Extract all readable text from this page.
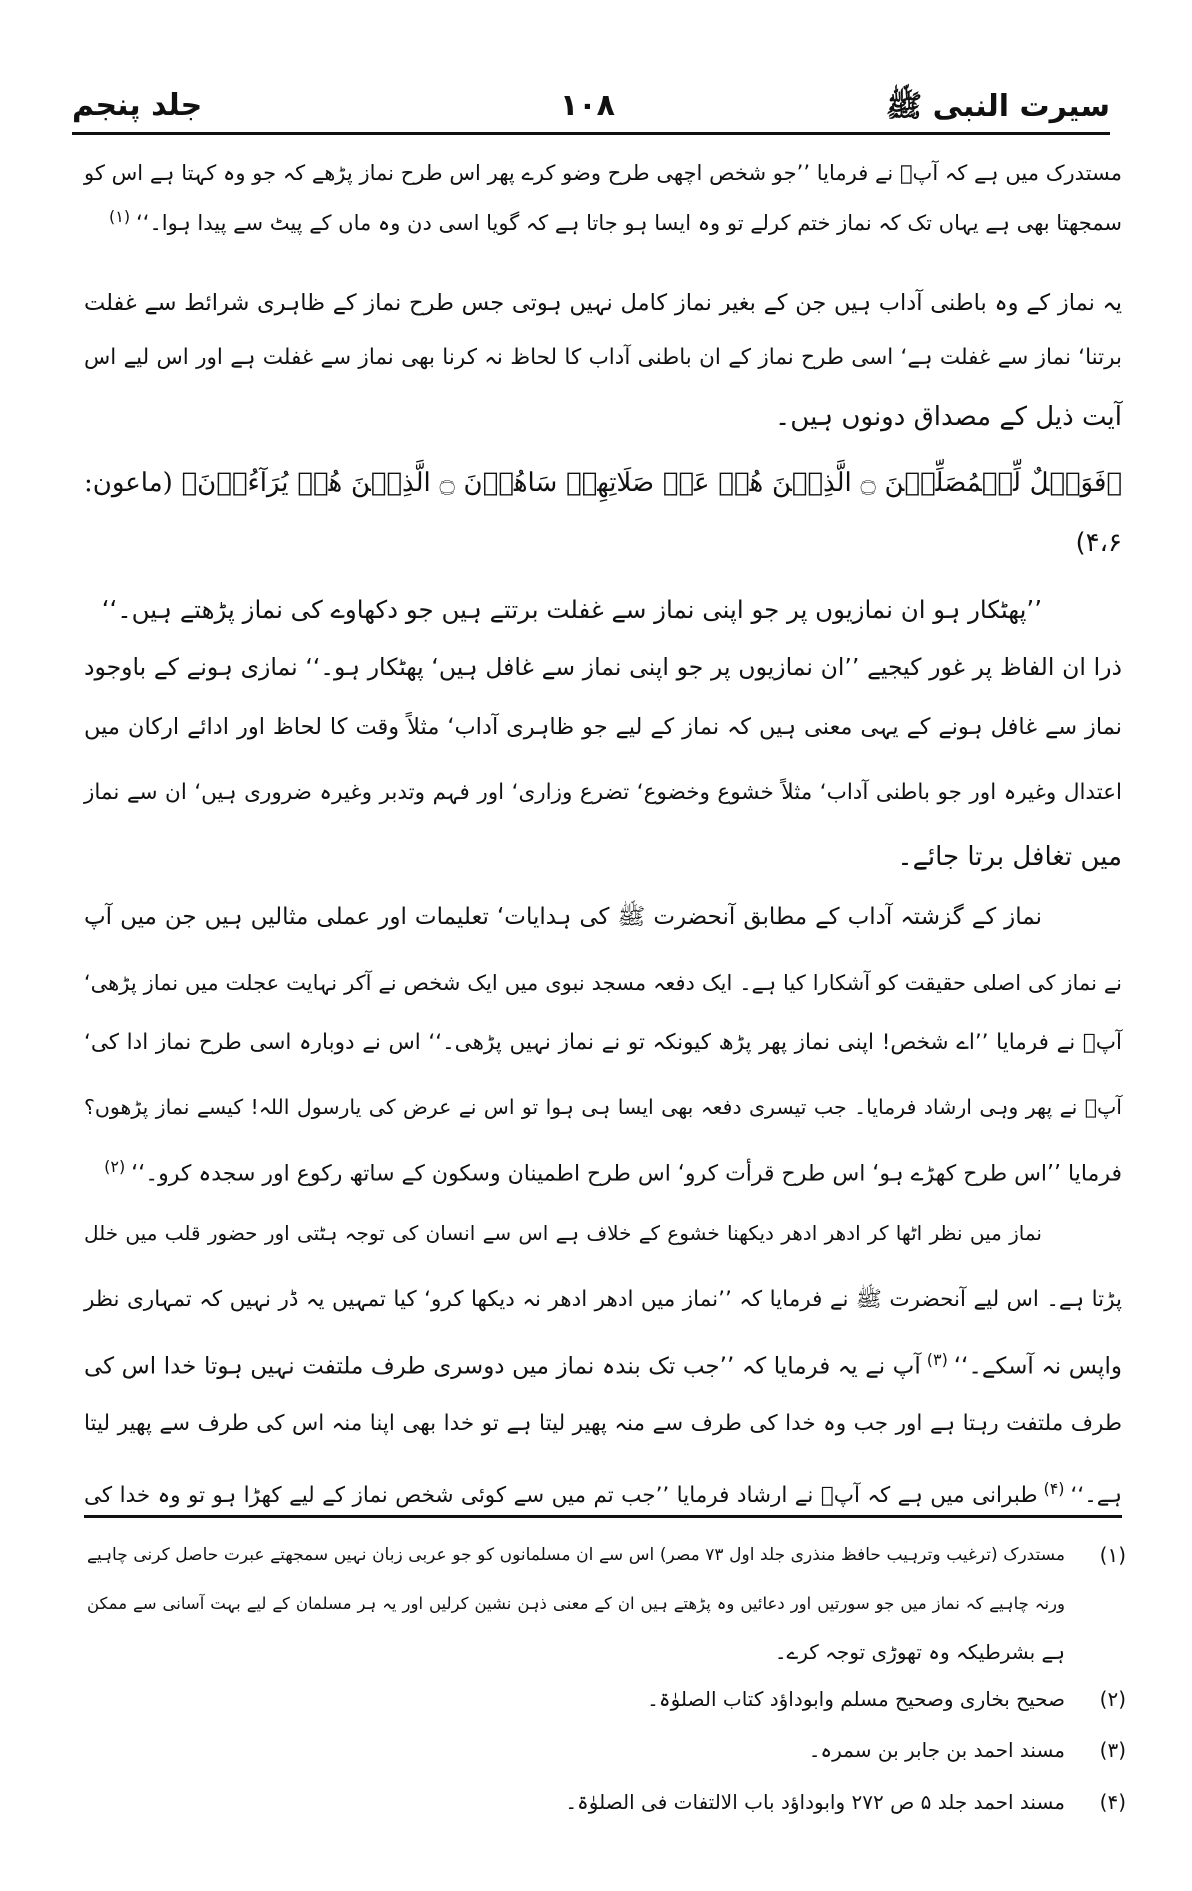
سیرت النبی ﷺ
۱۰۸
جلد پنجم
مستدرک میں ہے کہ آپؐ نے فرمایا ’’جو شخص اچھی طرح وضو کرے پھر اس طرح نماز پڑھے کہ جو وہ کہتا ہے اس کو
سمجھتا بھی ہے یہاں تک کہ نماز ختم کرلے تو وہ ایسا ہو جاتا ہے کہ گویا اسی دن وہ ماں کے پیٹ سے پیدا ہوا۔‘‘$^{(۱)}$
یہ نماز کے وہ باطنی آداب ہیں جن کے بغیر نماز کامل نہیں ہوتی جس طرح نماز کے ظاہری شرائط سے غفلت
برتنا‘ نماز سے غفلت ہے‘ اسی طرح نماز کے ان باطنی آداب کا لحاظ نہ کرنا بھی نماز سے غفلت ہے اور اس لیے اس
آیت ذیل کے مصداق دونوں ہیں۔
﴿فَوَیۡلٌ لِّلۡمُصَلِّیۡنَ ۝ الَّذِیۡنَ هُمۡ عَنۡ صَلَاتِهِمۡ سَاهُوۡنَ ۝ الَّذِیۡنَ هُمۡ یُرَآءُوۡنَ﴾ (ماعون:
۴،۶)
’’پھٹکار ہو ان نمازیوں پر جو اپنی نماز سے غفلت برتتے ہیں جو دکھاوے کی نماز پڑھتے ہیں۔‘‘
ذرا ان الفاظ پر غور کیجیے ’’ان نمازیوں پر جو اپنی نماز سے غافل ہیں‘ پھٹکار ہو۔‘‘ نمازی ہونے کے باوجود
نماز سے غافل ہونے کے یہی معنی ہیں کہ نماز کے لیے جو ظاہری آداب‘ مثلاً وقت کا لحاظ اور ادائے ارکان میں
اعتدال وغیرہ اور جو باطنی آداب‘ مثلاً خشوع وخضوع‘ تضرع وزاری‘ اور فہم وتدبر وغیرہ ضروری ہیں‘ ان سے نماز
میں تغافل برتا جائے۔
نماز کے گزشتہ آداب کے مطابق آنحضرت ﷺ کی ہدایات‘ تعلیمات اور عملی مثالیں ہیں جن میں آپ
نے نماز کی اصلی حقیقت کو آشکارا کیا ہے۔ ایک دفعہ مسجد نبوی میں ایک شخص نے آکر نہایت عجلت میں نماز پڑھی‘
آپؐ نے فرمایا ’’اے شخص! اپنی نماز پھر پڑھ کیونکہ تو نے نماز نہیں پڑھی۔‘‘ اس نے دوبارہ اسی طرح نماز ادا کی‘
آپؐ نے پھر وہی ارشاد فرمایا۔ جب تیسری دفعہ بھی ایسا ہی ہوا تو اس نے عرض کی یارسول اللہ! کیسے نماز پڑھوں؟
فرمایا ’’اس طرح کھڑے ہو‘ اس طرح قرأت کرو‘ اس طرح اطمینان وسکون کے ساتھ رکوع اور سجدہ کرو۔‘‘$^{(۲)}$
نماز میں نظر اٹھا کر ادھر ادھر دیکھنا خشوع کے خلاف ہے اس سے انسان کی توجہ ہٹتی اور حضور قلب میں خلل
پڑتا ہے۔ اس لیے آنحضرت ﷺ نے فرمایا کہ ’’نماز میں ادھر ادھر نہ دیکھا کرو‘ کیا تمہیں یہ ڈر نہیں کہ تمہاری نظر
واپس نہ آسکے۔‘‘$^{(۳)}$آپ نے یہ فرمایا کہ ’’جب تک بندہ نماز میں دوسری طرف ملتفت نہیں ہوتا خدا اس کی
طرف ملتفت رہتا ہے اور جب وہ خدا کی طرف سے منہ پھیر لیتا ہے تو خدا بھی اپنا منہ اس کی طرف سے پھیر لیتا
ہے۔‘‘$^{(۴)}$طبرانی میں ہے کہ آپؐ نے ارشاد فرمایا ’’جب تم میں سے کوئی شخص نماز کے لیے کھڑا ہو تو وہ خدا کی
(۱)
مستدرک (ترغیب وترہیب حافظ منذری جلد اول ۷۳ مصر) اس سے ان مسلمانوں کو جو عربی زبان نہیں سمجھتے عبرت حاصل کرنی چاہیے
ورنہ چاہیے کہ نماز میں جو سورتیں اور دعائیں وہ پڑھتے ہیں ان کے معنی ذہن نشین کرلیں اور یہ ہر مسلمان کے لیے بہت آسانی سے ممکن
ہے بشرطیکہ وہ تھوڑی توجہ کرے۔
(۲)
صحیح بخاری وصحیح مسلم وابوداؤد کتاب الصلوٰۃ۔
(۳)
مسند احمد بن جابر بن سمرہ۔
(۴)
مسند احمد جلد ۵ ص ۲۷۲ وابوداؤد باب الالتفات فی الصلوٰۃ۔
